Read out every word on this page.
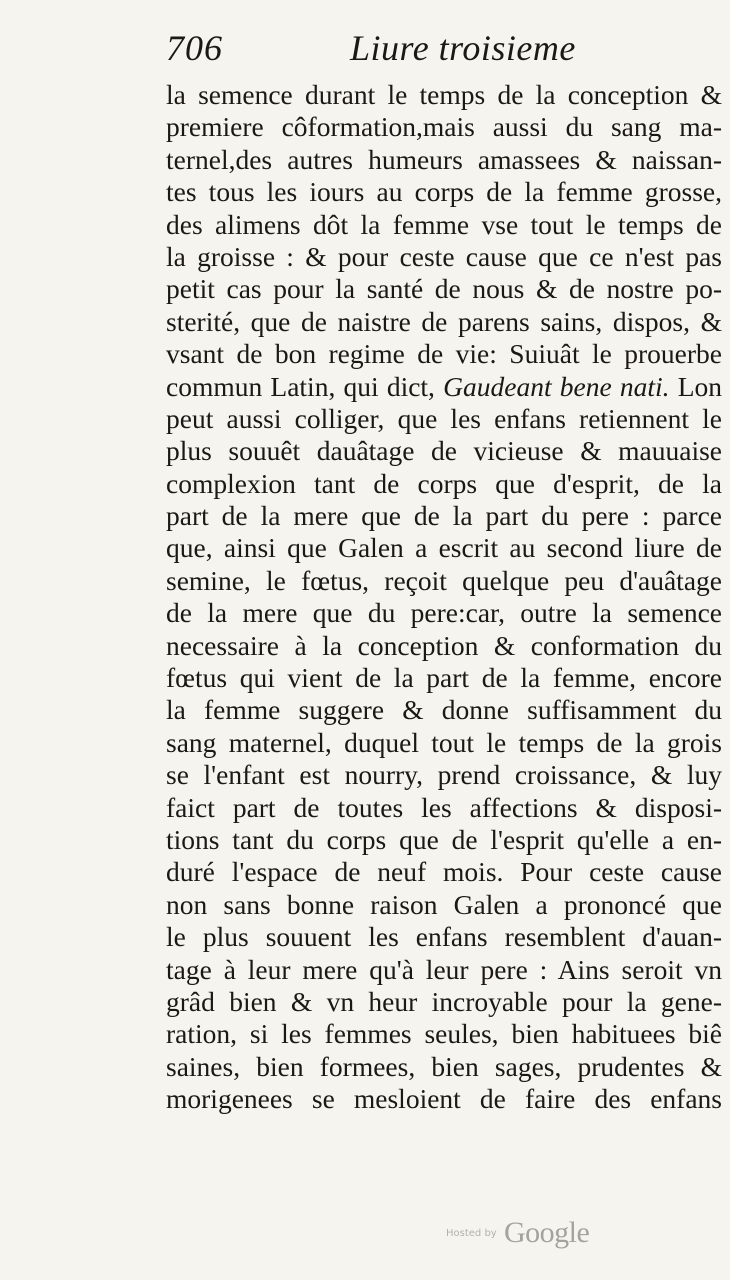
706	Liure troisieme
la semence durant le temps de la conception &
premiere côformation,mais aussi du sang ma-
ternel,des autres humeurs amassees & naissan-
tes tous les iours au corps de la femme grosse,
des alimens dôt la femme vse tout le temps de
la groisse : & pour ceste cause que ce n'est pas
petit cas pour la santé de nous & de nostre po-
sterité, que de naistre de parens sains, dispos, &
vsant de bon regime de vie: Suiuât le prouerbe
commun Latin, qui dict, Gaudeant bene nati. Lon
peut aussi colliger, que les enfans retiennent le
plus souuêt dauâtage de vicieuse & mauuaise
complexion tant de corps que d'esprit, de la
part de la mere que de la part du pere : parce
que, ainsi que Galen a escrit au second liure de
semine, le fœtus, reçoit quelque peu d'auâtage
de la mere que du pere:car, outre la semence
necessaire à la conception & conformation du
fœtus qui vient de la part de la femme, encore
la femme suggere & donne suffisamment du
sang maternel, duquel tout le temps de la grois
se l'enfant est nourry, prend croissance, & luy
faict part de toutes les affections & disposi-
tions tant du corps que de l'esprit qu'elle a en-
duré l'espace de neuf mois. Pour ceste cause
non sans bonne raison Galen a prononcé que
le plus souuent les enfans resemblent d'auan-
tage à leur mere qu'à leur pere : Ains seroit vn
grâd bien & vn heur incroyable pour la gene-
ration, si les femmes seules, bien habituees biê
saines, bien formees, bien sages, prudentes &
morigenees se mesloient de faire des enfans
Hosted by Google
